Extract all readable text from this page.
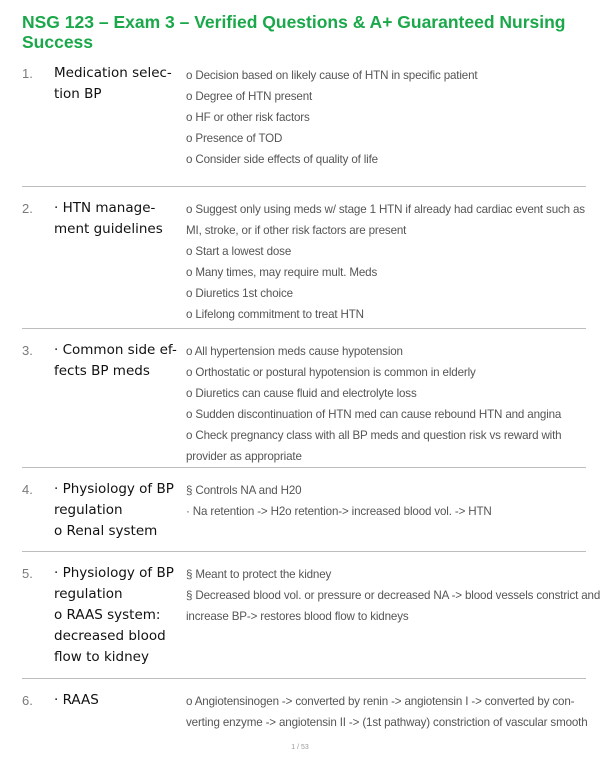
NSG 123 – Exam 3 – Verified Questions & A+ Guaranteed Nursing
Success
1. Medication selec-
tion BP
o Decision based on likely cause of HTN in specific patient
o Degree of HTN present
o HF or other risk factors
o Presence of TOD
o Consider side effects of quality of life
2. · HTN manage-
ment guidelines
o Suggest only using meds w/ stage 1 HTN if already had cardiac event such as
MI, stroke, or if other risk factors are present
o Start a lowest dose
o Many times, may require mult. Meds
o Diuretics 1st choice
o Lifelong commitment to treat HTN
3. · Common side ef-
fects BP meds
o All hypertension meds cause hypotension
o Orthostatic or postural hypotension is common in elderly
o Diuretics can cause fluid and electrolyte loss
o Sudden discontinuation of HTN med can cause rebound HTN and angina
o Check pregnancy class with all BP meds and question risk vs reward with
provider as appropriate
4. · Physiology of BP
regulation
o Renal system
§ Controls NA and H20
· Na retention -> H2o retention-> increased blood vol. -> HTN
5. · Physiology of BP
regulation
o RAAS system:
decreased blood
flow to kidney
§ Meant to protect the kidney
§ Decreased blood vol. or pressure or decreased NA -> blood vessels constrict and
increase BP-> restores blood flow to kidneys
6. · RAAS	o Angiotensinogen -> converted by renin -> angiotensin I -> converted by con-
verting enzyme -> angiotensin II -> (1st pathway) constriction of vascular smooth
1 / 53
